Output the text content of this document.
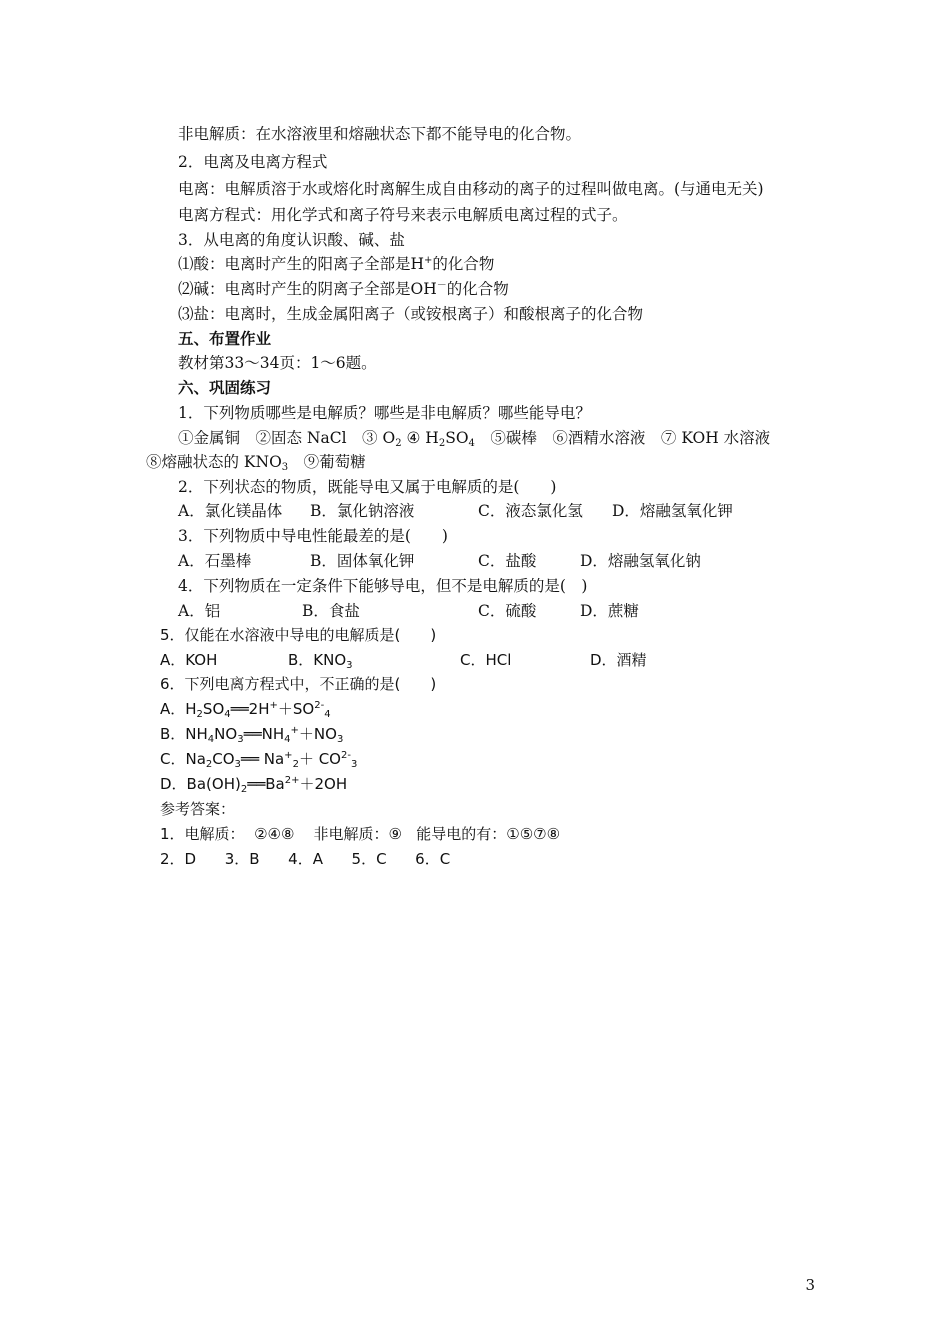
非电解质：在水溶液里和熔融状态下都不能导电的化合物。
2．电离及电离方程式
电离：电解质溶于水或熔化时离解生成自由移动的离子的过程叫做电离。(与通电无关)
电离方程式：用化学式和离子符号来表示电解质电离过程的式子。
3．从电离的角度认识酸、碱、盐
⑴酸：电离时产生的阳离子全部是H+的化合物
⑵碱：电离时产生的阴离子全部是OH－的化合物
⑶盐：电离时，生成金属阳离子（或铵根离子）和酸根离子的化合物
五、布置作业
教材第33～34页：1～6题。
六、巩固练习
1．下列物质哪些是电解质？哪些是非电解质？哪些能导电？
①金属铜　②固态 NaCl　③ $O_2$ ④ $H_2SO_4$　⑤碳棒　⑥酒精水溶液　⑦ KOH 水溶液
⑧熔融状态的 $KNO_3$　⑨葡萄糖
2．下列状态的物质，既能导电又属于电解质的是(　　)
A．氯化镁晶体 B．氯化钠溶液	C．液态氯化氢 D．熔融氢氧化钾
3．下列物质中导电性能最差的是(　　)
A．石墨棒	B．固体氧化钾	C．盐酸	D．熔融氢氧化钠
4．下列物质在一定条件下能够导电，但不是电解质的是(　)
A．铝	B．食盐	C．硫酸	D．蔗糖
5．仅能在水溶液中导电的电解质是(　　)
A．KOH	B．$KNO_3$	C．HCl	D．酒精
6．下列电离方程式中，不正确的是(　　)
A．$H_2SO_4══2H^++SO^{2-}_4$
B．$NH_4NO_3══NH_4^++NO_3$
C．$Na_2CO_3══$ $Na^+_2+ CO^{2-}_3$
D．$Ba(OH)_2══Ba^{2+}+2OH$
参考答案：
1．电解质：  ②④⑧    非电解质：⑨   能导电的有：①⑤⑦⑧
2．D      3．B      4．A      5．C      6．C
3
